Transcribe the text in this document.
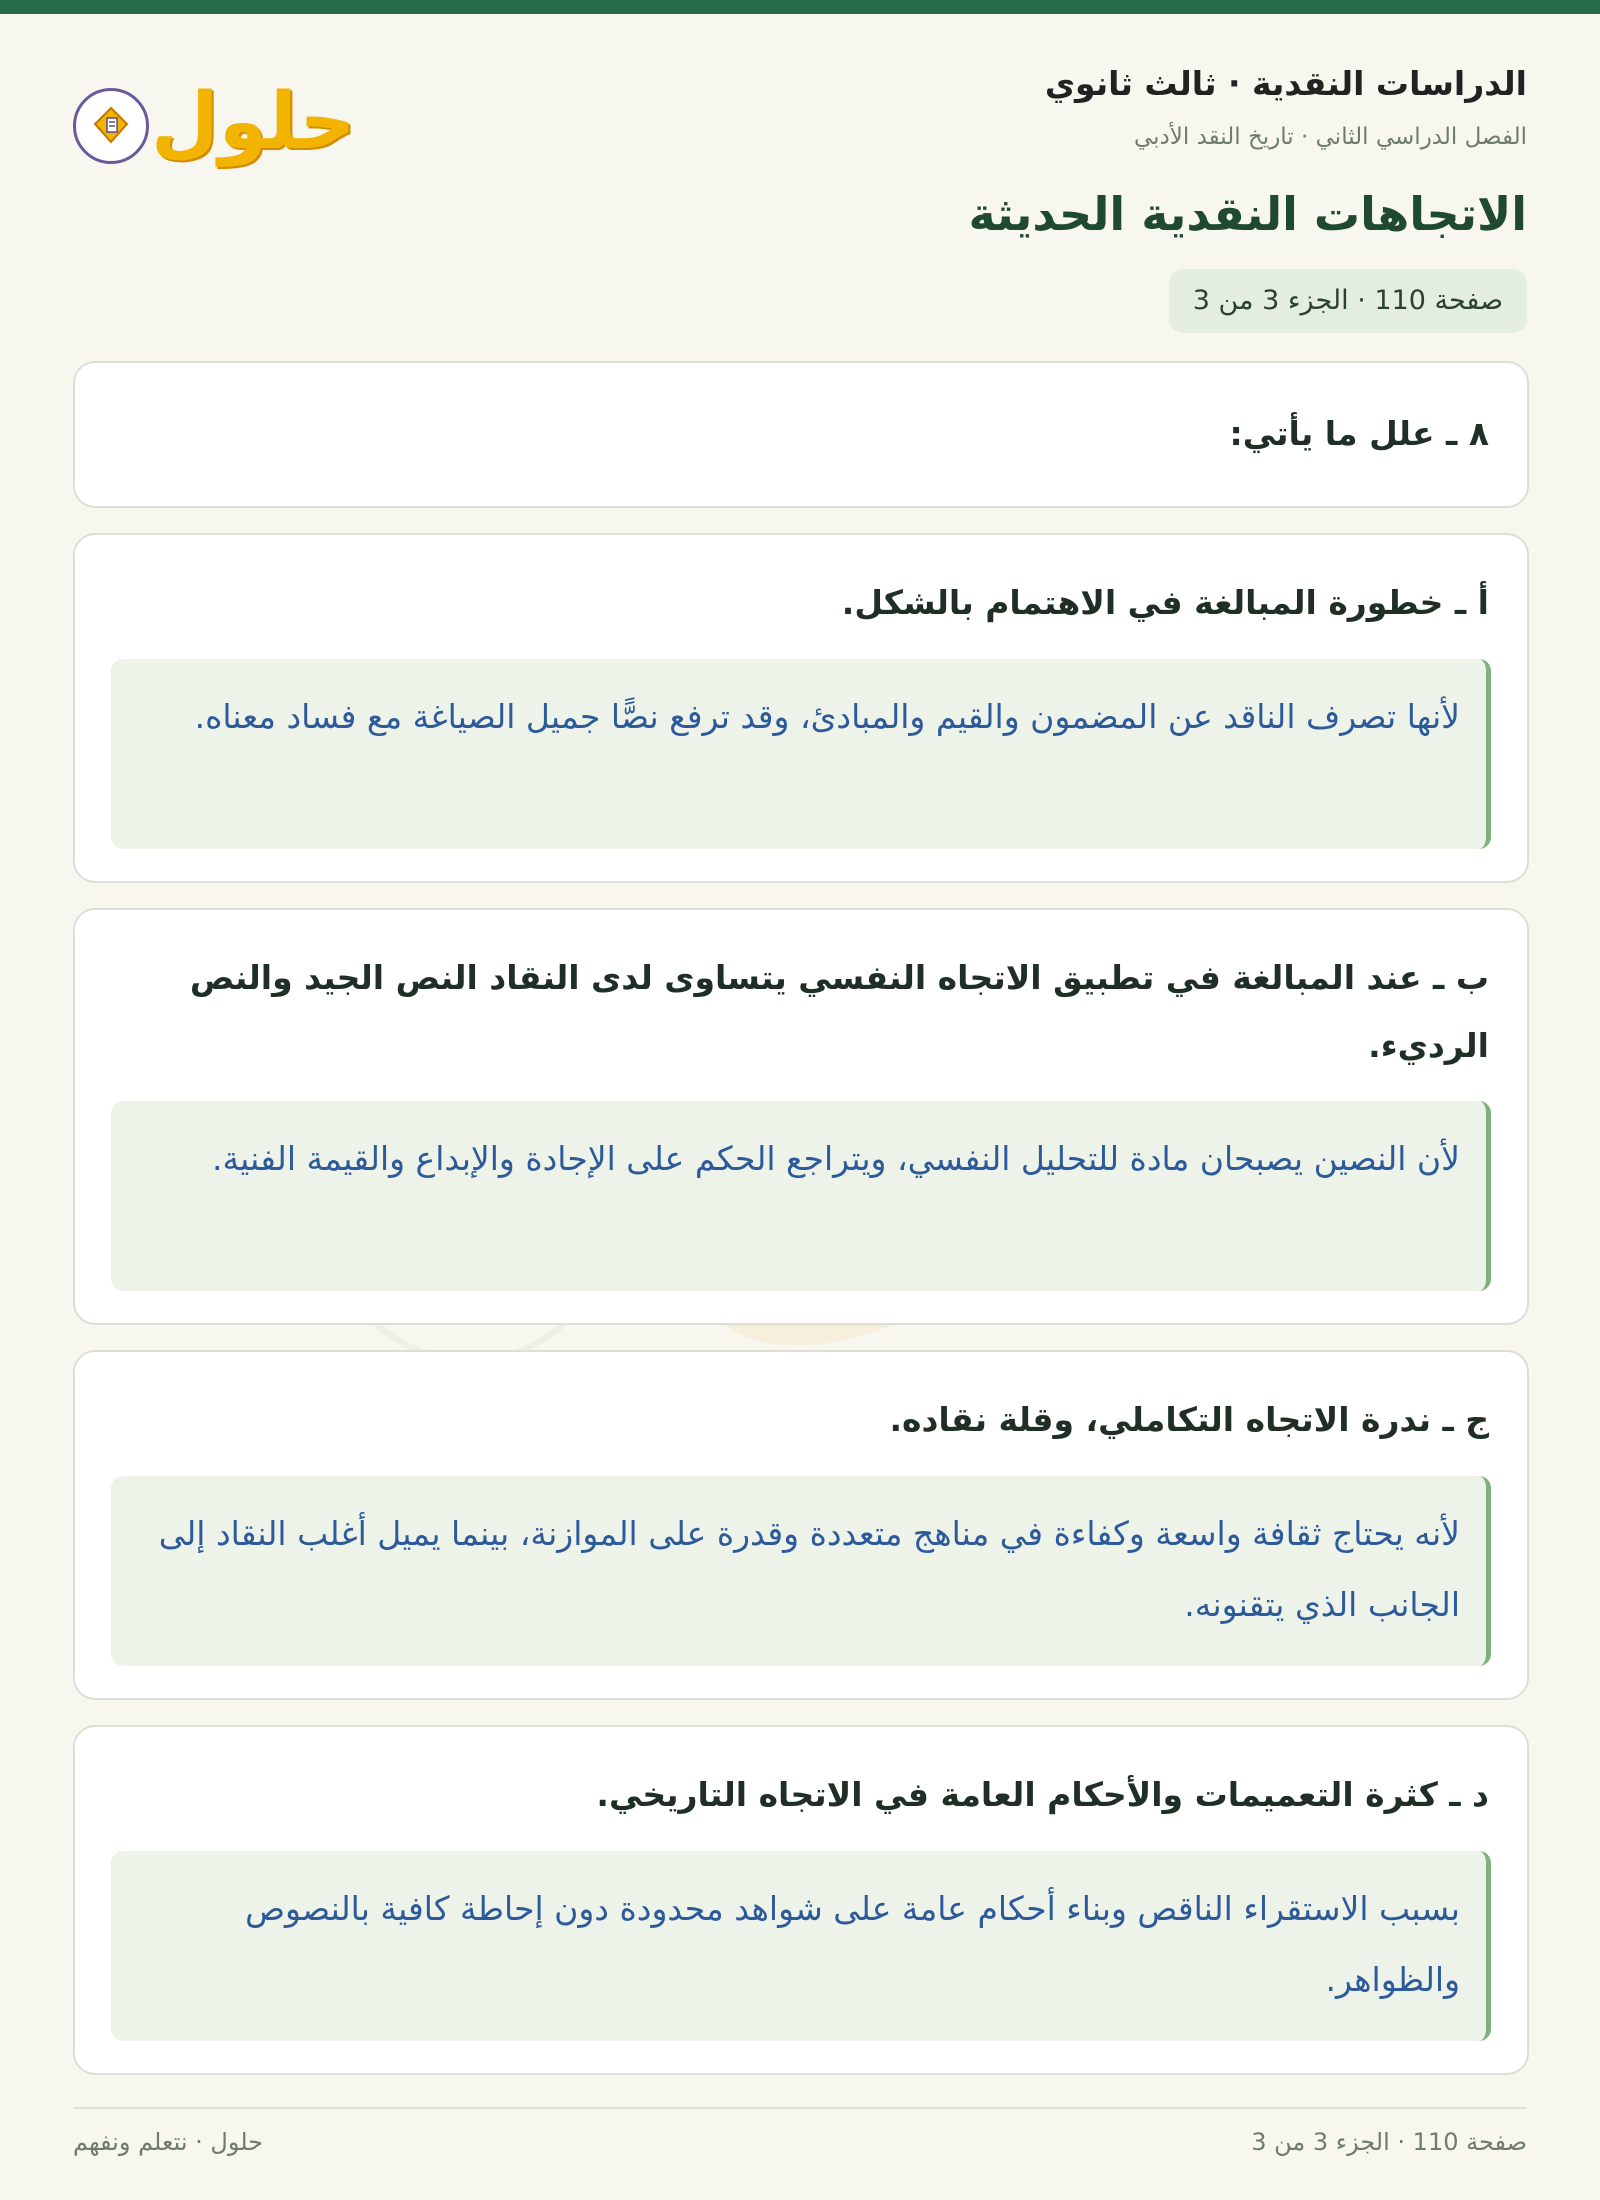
الدراسات النقدية · ثالث ثانوي
الفصل الدراسي الثاني · تاريخ النقد الأدبي
الاتجاهات النقدية الحديثة
صفحة 110 · الجزء 3 من 3
حلول
٨ ـ علل ما يأتي:
أ ـ خطورة المبالغة في الاهتمام بالشكل.
لأنها تصرف الناقد عن المضمون والقيم والمبادئ، وقد ترفع نصًّا جميل الصياغة مع فساد معناه.
ب ـ عند المبالغة في تطبيق الاتجاه النفسي يتساوى لدى النقاد النص الجيد والنص الرديء.
لأن النصين يصبحان مادة للتحليل النفسي، ويتراجع الحكم على الإجادة والإبداع والقيمة الفنية.
ج ـ ندرة الاتجاه التكاملي، وقلة نقاده.
لأنه يحتاج ثقافة واسعة وكفاءة في مناهج متعددة وقدرة على الموازنة، بينما يميل أغلب النقاد إلى الجانب الذي يتقنونه.
د ـ كثرة التعميمات والأحكام العامة في الاتجاه التاريخي.
بسبب الاستقراء الناقص وبناء أحكام عامة على شواهد محدودة دون إحاطة كافية بالنصوص والظواهر.
صفحة 110 · الجزء 3 من 3
حلول · نتعلم ونفهم
